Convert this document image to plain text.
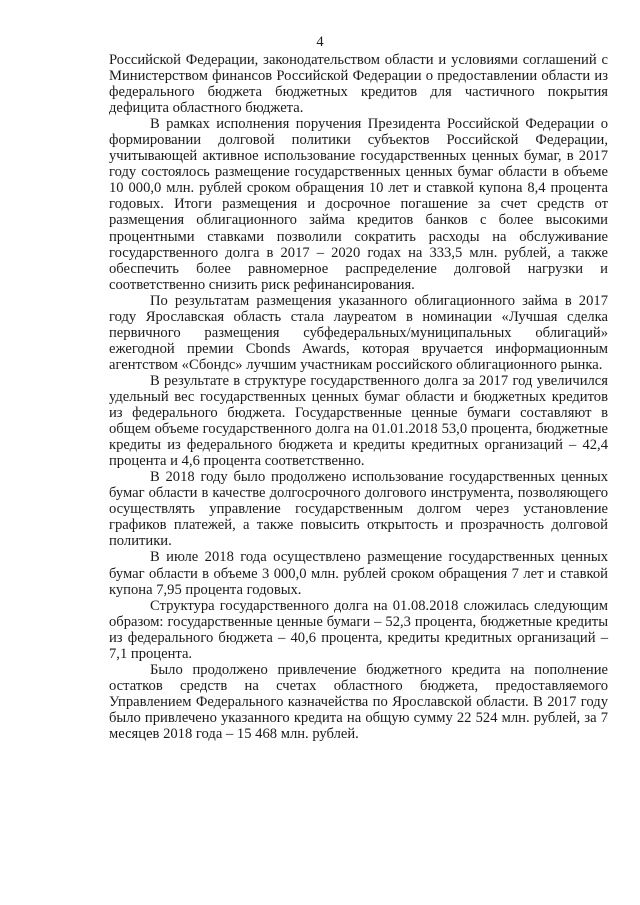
4

Российской Федерации, законодательством области и условиями соглашений с Министерством финансов Российской Федерации о предоставлении области из федерального бюджета бюджетных кредитов для частичного покрытия дефицита областного бюджета.

В рамках исполнения поручения Президента Российской Федерации о формировании долговой политики субъектов Российской Федерации, учитывающей активное использование государственных ценных бумаг, в 2017 году состоялось размещение государственных ценных бумаг области в объеме 10 000,0 млн. рублей сроком обращения 10 лет и ставкой купона 8,4 процента годовых. Итоги размещения и досрочное погашение за счет средств от размещения облигационного займа кредитов банков с более высокими процентными ставками позволили сократить расходы на обслуживание государственного долга в 2017 – 2020 годах на 333,5 млн. рублей, а также обеспечить более равномерное распределение долговой нагрузки и соответственно снизить риск рефинансирования.

По результатам размещения указанного облигационного займа в 2017 году Ярославская область стала лауреатом в номинации «Лучшая сделка первичного размещения субфедеральных/муниципальных облигаций» ежегодной премии Cbonds Awards, которая вручается информационным агентством «Сбондс» лучшим участникам российского облигационного рынка.

В результате в структуре государственного долга за 2017 год увеличился удельный вес государственных ценных бумаг области и бюджетных кредитов из федерального бюджета. Государственные ценные бумаги составляют в общем объеме государственного долга на 01.01.2018 53,0 процента, бюджетные кредиты из федерального бюджета и кредиты кредитных организаций – 42,4 процента и 4,6 процента соответственно.

В 2018 году было продолжено использование государственных ценных бумаг области в качестве долгосрочного долгового инструмента, позволяющего осуществлять управление государственным долгом через установление графиков платежей, а также повысить открытость и прозрачность долговой политики.

В июле 2018 года осуществлено размещение государственных ценных бумаг области в объеме 3 000,0 млн. рублей сроком обращения 7 лет и ставкой купона 7,95 процента годовых.

Структура государственного долга на 01.08.2018 сложилась следующим образом: государственные ценные бумаги – 52,3 процента, бюджетные кредиты из федерального бюджета – 40,6 процента, кредиты кредитных организаций – 7,1 процента.

Было продолжено привлечение бюджетного кредита на пополнение остатков средств на счетах областного бюджета, предоставляемого Управлением Федерального казначейства по Ярославской области. В 2017 году было привлечено указанного кредита на общую сумму 22 524 млн. рублей, за 7 месяцев 2018 года – 15 468 млн. рублей.
